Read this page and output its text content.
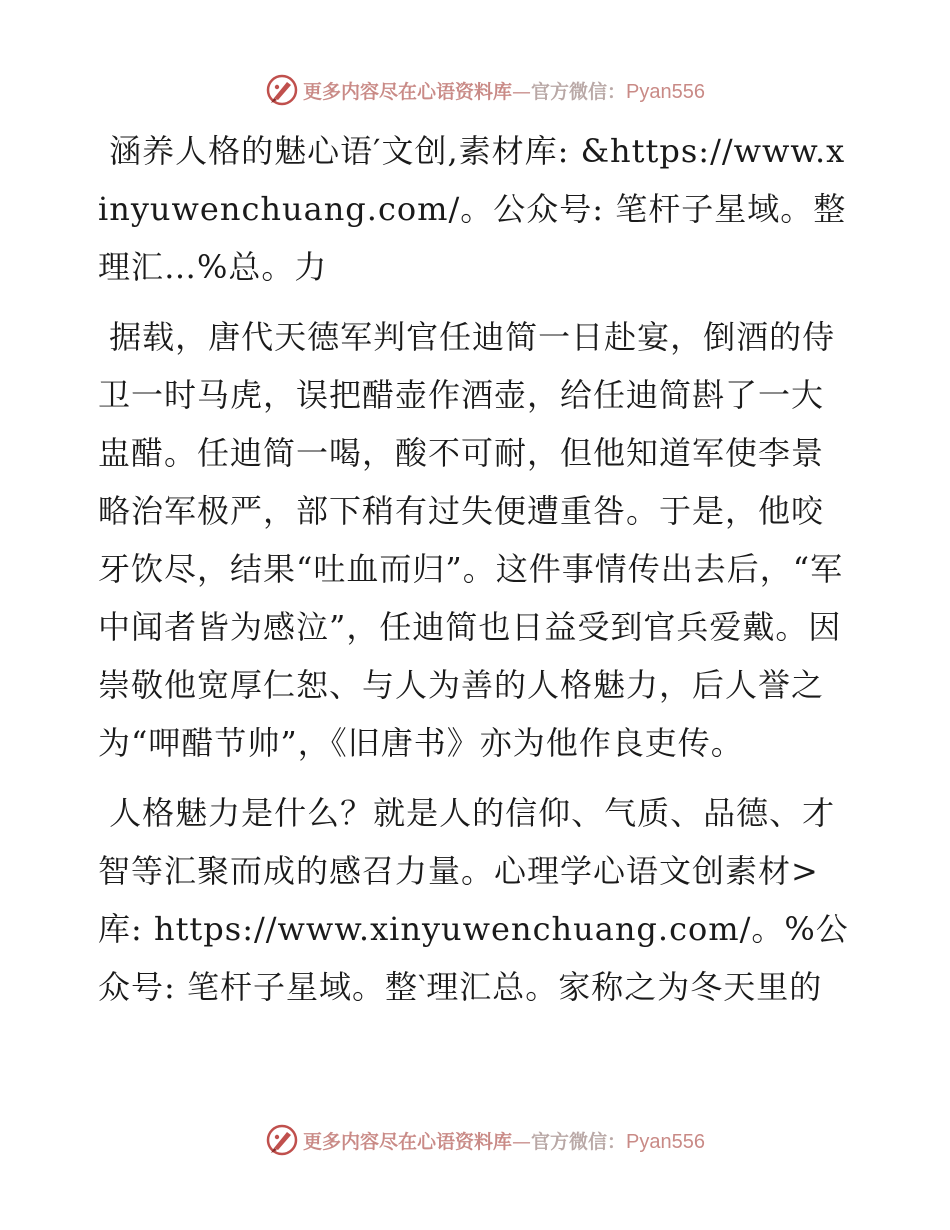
更多内容尽在心语资料库—官方微信：Pyan556

涵养人格的魅心语′文创,素材库: &https://www.xinyuwenchuang.com/。公众号: 笔杆子星域。整理汇…%总。力

据载，唐代天德军判官任迪简一日赴宴，倒酒的侍卫一时马虎，误把醋壶作酒壶，给任迪简斟了一大盅醋。任迪简一喝，酸不可耐，但他知道军使李景略治军极严，部下稍有过失便遭重咎。于是，他咬牙饮尽，结果“吐血而归”。这件事情传出去后，“军中闻者皆为感泣”，任迪简也日益受到官兵爱戴。因崇敬他宽厚仁恕、与人为善的人格魅力，后人誉之为“呷醋节帅”，《旧唐书》亦为他作良吏传。

人格魅力是什么？就是人的信仰、气质、品德、才智等汇聚而成的感召力量。心理学心语文创素材>库: https://www.xinyuwenchuang.com/。%公众号: 笔杆子星域。整‵理汇总。家称之为冬天里的

更多内容尽在心语资料库—官方微信：Pyan556
